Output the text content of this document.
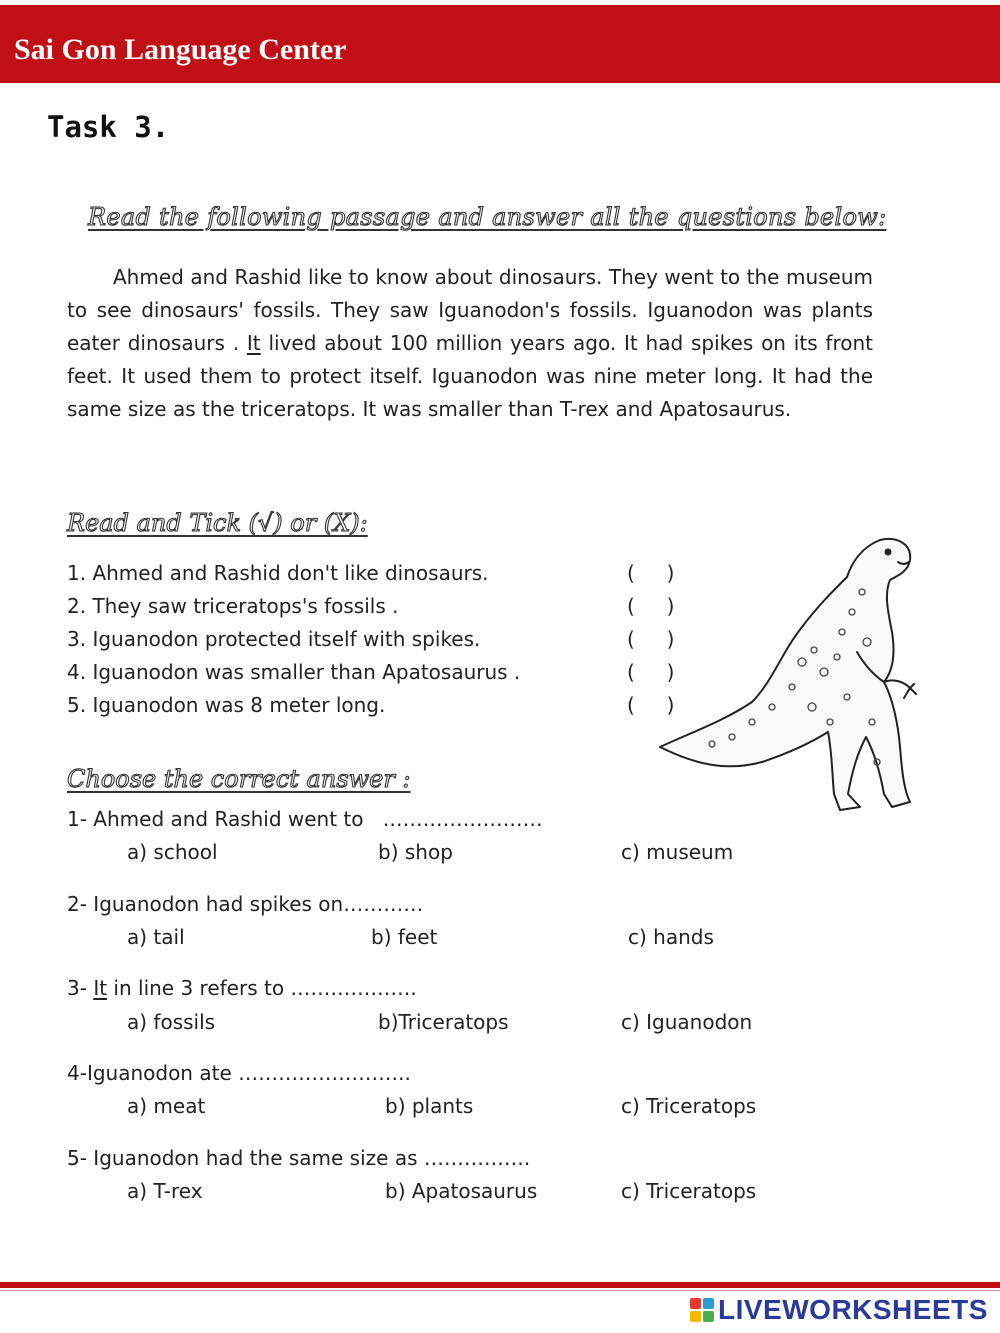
Sai Gon Language Center
Task 3.
Read the following passage and answer all the questions below:

Ahmed and Rashid like to know about dinosaurs. They went to the museum to see dinosaurs' fossils. They saw Iguanodon's fossils. Iguanodon was plants eater dinosaurs . It lived about 100 million years ago. It had spikes on its front feet. It used them to protect itself. Iguanodon was nine meter long. It had the same size as the triceratops. It was smaller than T-rex and Apatosaurus.

Read and Tick (√) or (X):
1. Ahmed and Rashid don't like dinosaurs.	(     )
2. They saw triceratops's fossils .	(     )
3. Iguanodon protected itself with spikes.	(     )
4. Iguanodon was smaller than Apatosaurus .	(     )
5. Iguanodon was 8 meter long.	(     )
Choose the correct answer :
1- Ahmed and Rashid went to ……………………
a) school	b) shop	c) museum
2- Iguanodon had spikes on…………
a) tail	b) feet	c) hands
3- It in line 3 refers to ……………….
a) fossils	b)Triceratops	c) Iguanodon
4-Iguanodon ate ……………………..
a) meat	b) plants	c) Triceratops
5- Iguanodon had the same size as …………….
a) T-rex	b) Apatosaurus	c) Triceratops
LIVEWORKSHEETS
